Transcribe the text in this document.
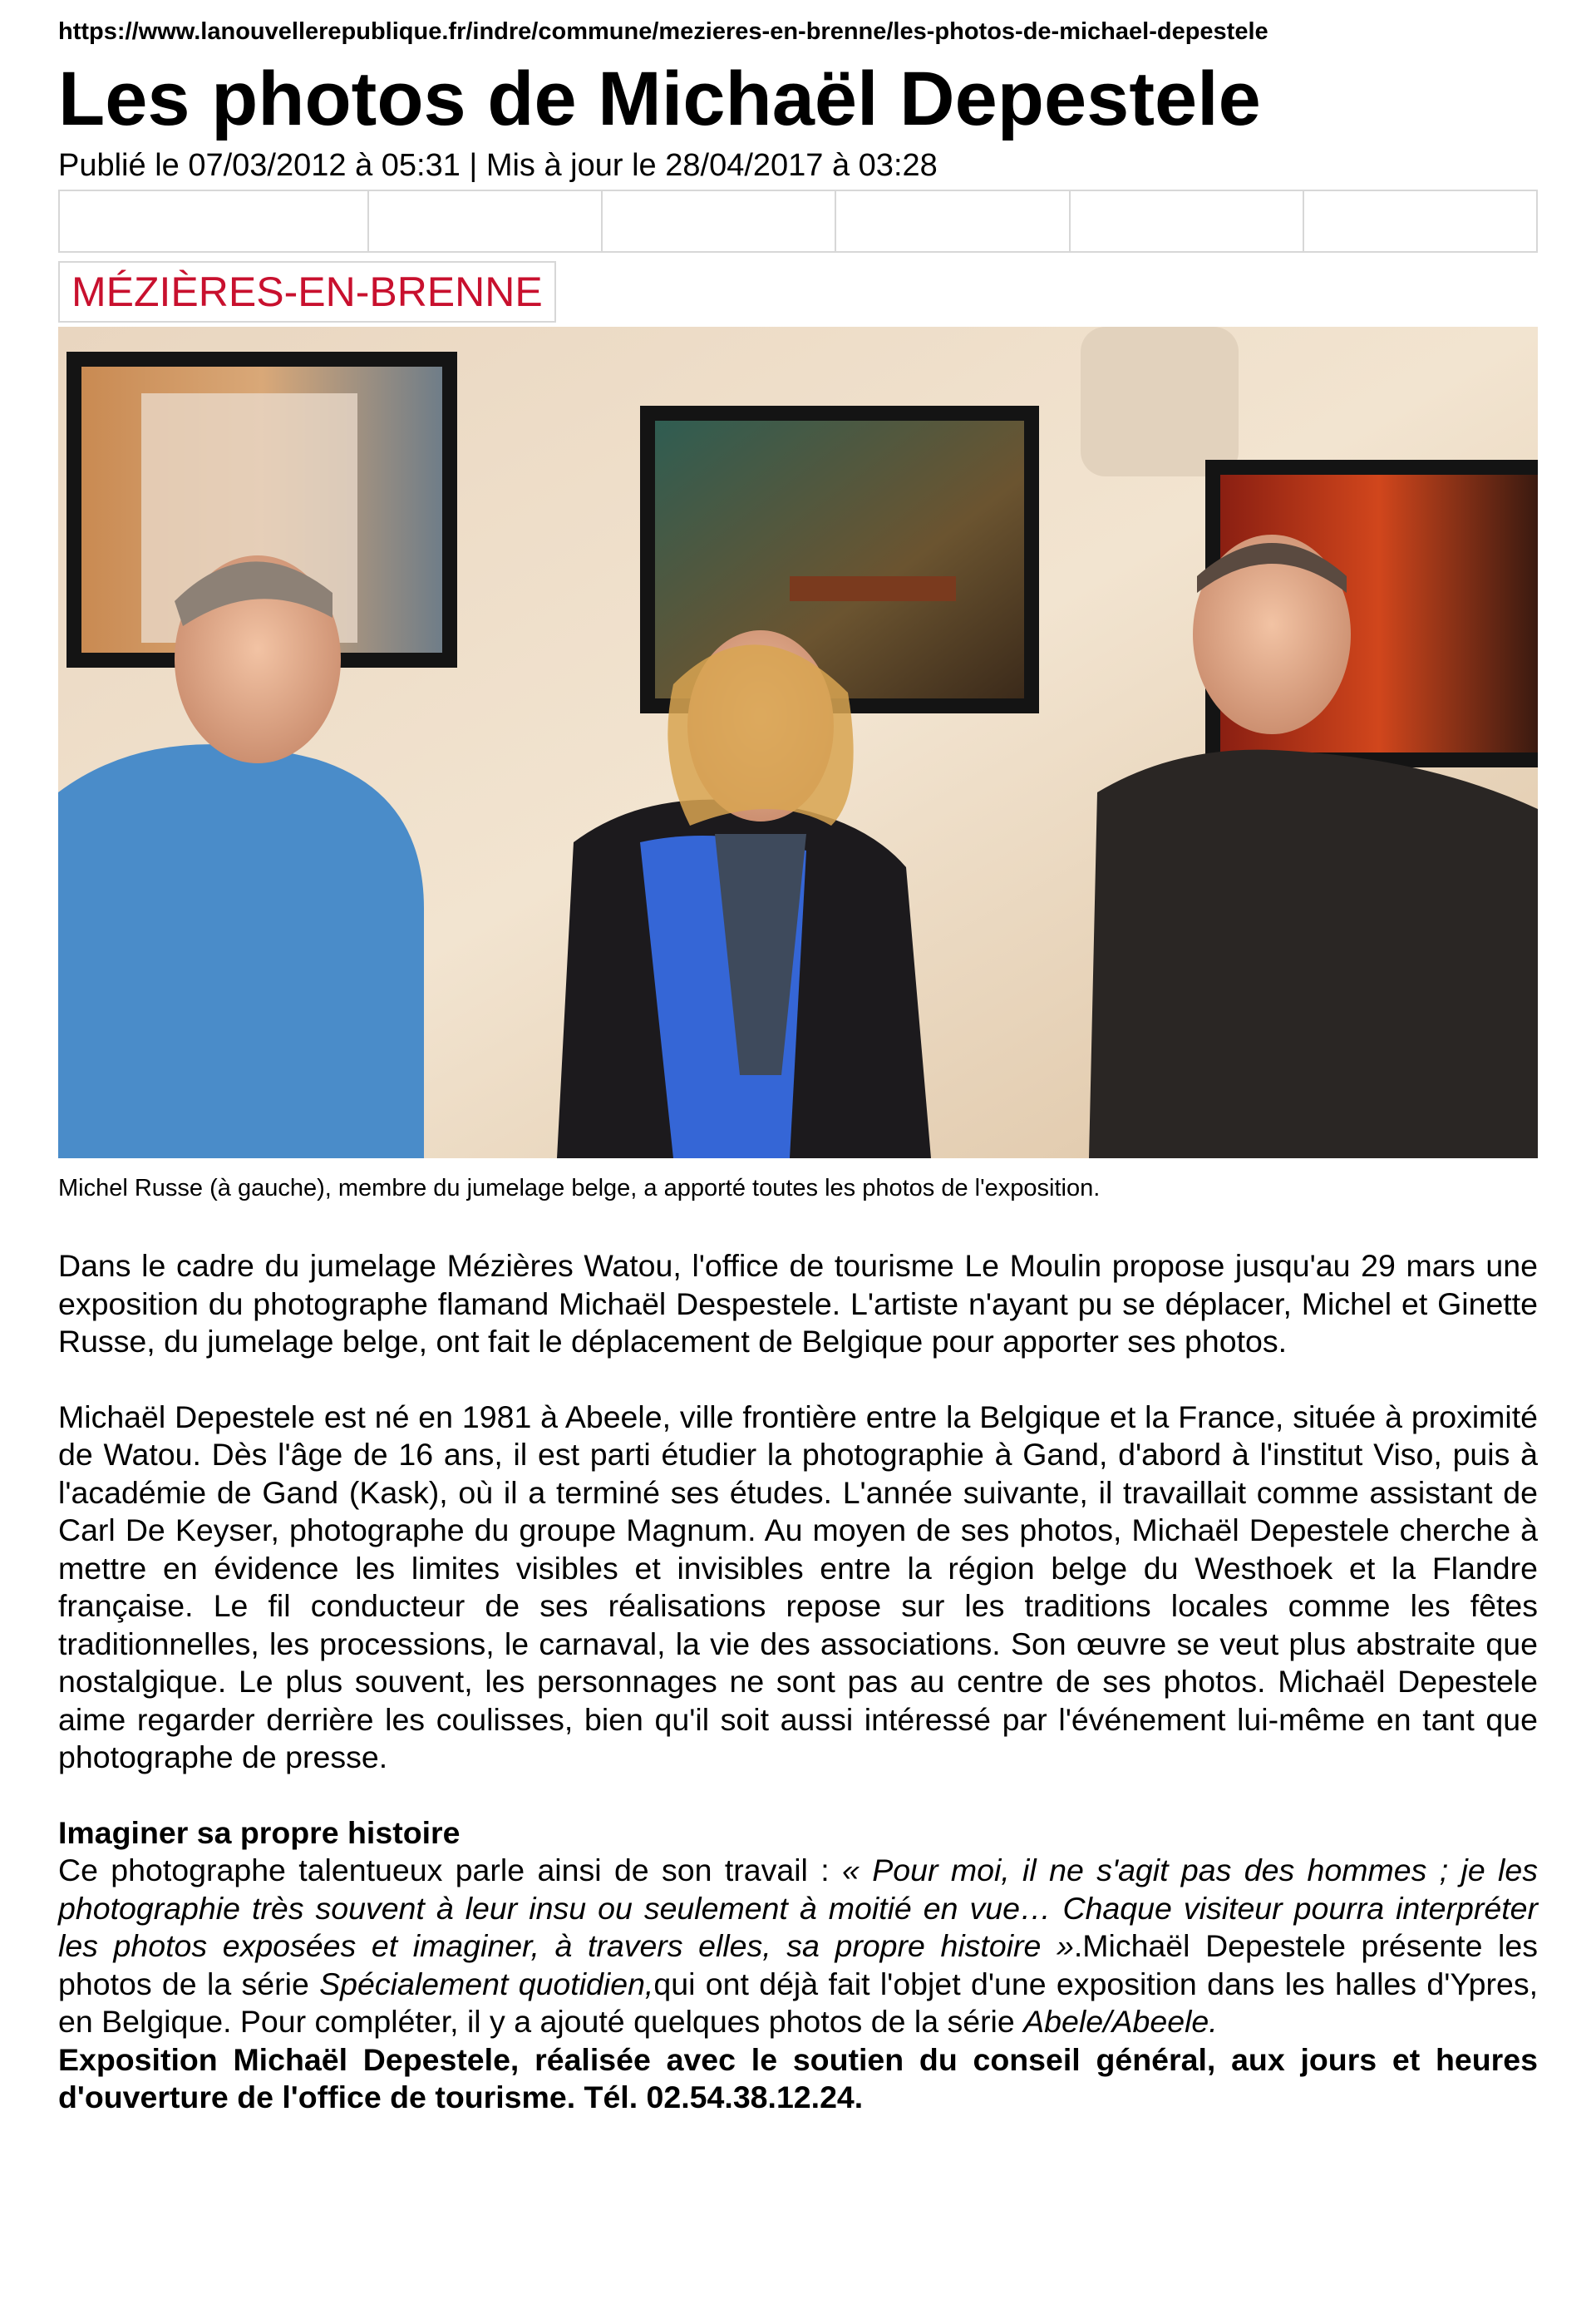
https://www.lanouvellerepublique.fr/indre/commune/mezieres-en-brenne/les-photos-de-michael-depestele
Les photos de Michaël Depestele
Publié le 07/03/2012 à 05:31 | Mis à jour le 28/04/2017 à 03:28
MÉZIÈRES-EN-BRENNE
Michel Russe (à gauche), membre du jumelage belge, a apporté toutes les photos de l'exposition.

Dans le cadre du jumelage Mézières Watou, l'office de tourisme Le Moulin propose jusqu'au 29 mars une exposition du photographe flamand Michaël Despestele. L'artiste n'ayant pu se déplacer, Michel et Ginette Russe, du jumelage belge, ont fait le déplacement de Belgique pour apporter ses photos.

Michaël Depestele est né en 1981 à Abeele, ville frontière entre la Belgique et la France, située à proximité de Watou. Dès l'âge de 16 ans, il est parti étudier la photographie à Gand, d'abord à l'institut Viso, puis à l'académie de Gand (Kask), où il a terminé ses études. L'année suivante, il travaillait comme assistant de Carl De Keyser, photographe du groupe Magnum. Au moyen de ses photos, Michaël Depestele cherche à mettre en évidence les limites visibles et invisibles entre la région belge du Westhoek et la Flandre française. Le fil conducteur de ses réalisations repose sur les traditions locales comme les fêtes traditionnelles, les processions, le carnaval, la vie des associations. Son œuvre se veut plus abstraite que nostalgique. Le plus souvent, les personnages ne sont pas au centre de ses photos. Michaël Depestele aime regarder derrière les coulisses, bien qu'il soit aussi intéressé par l'événement lui-même en tant que photographe de presse.

Imaginer sa propre histoire

Ce photographe talentueux parle ainsi de son travail : « Pour moi, il ne s'agit pas des hommes ; je les photographie très souvent à leur insu ou seulement à moitié en vue… Chaque visiteur pourra interpréter les photos exposées et imaginer, à travers elles, sa propre histoire ».Michaël Depestele présente les photos de la série Spécialement quotidien,qui ont déjà fait l'objet d'une exposition dans les halles d'Ypres, en Belgique. Pour compléter, il y a ajouté quelques photos de la série Abele/Abeele.

Exposition Michaël Depestele, réalisée avec le soutien du conseil général, aux jours et heures d'ouverture de l'office de tourisme. Tél. 02.54.38.12.24.
